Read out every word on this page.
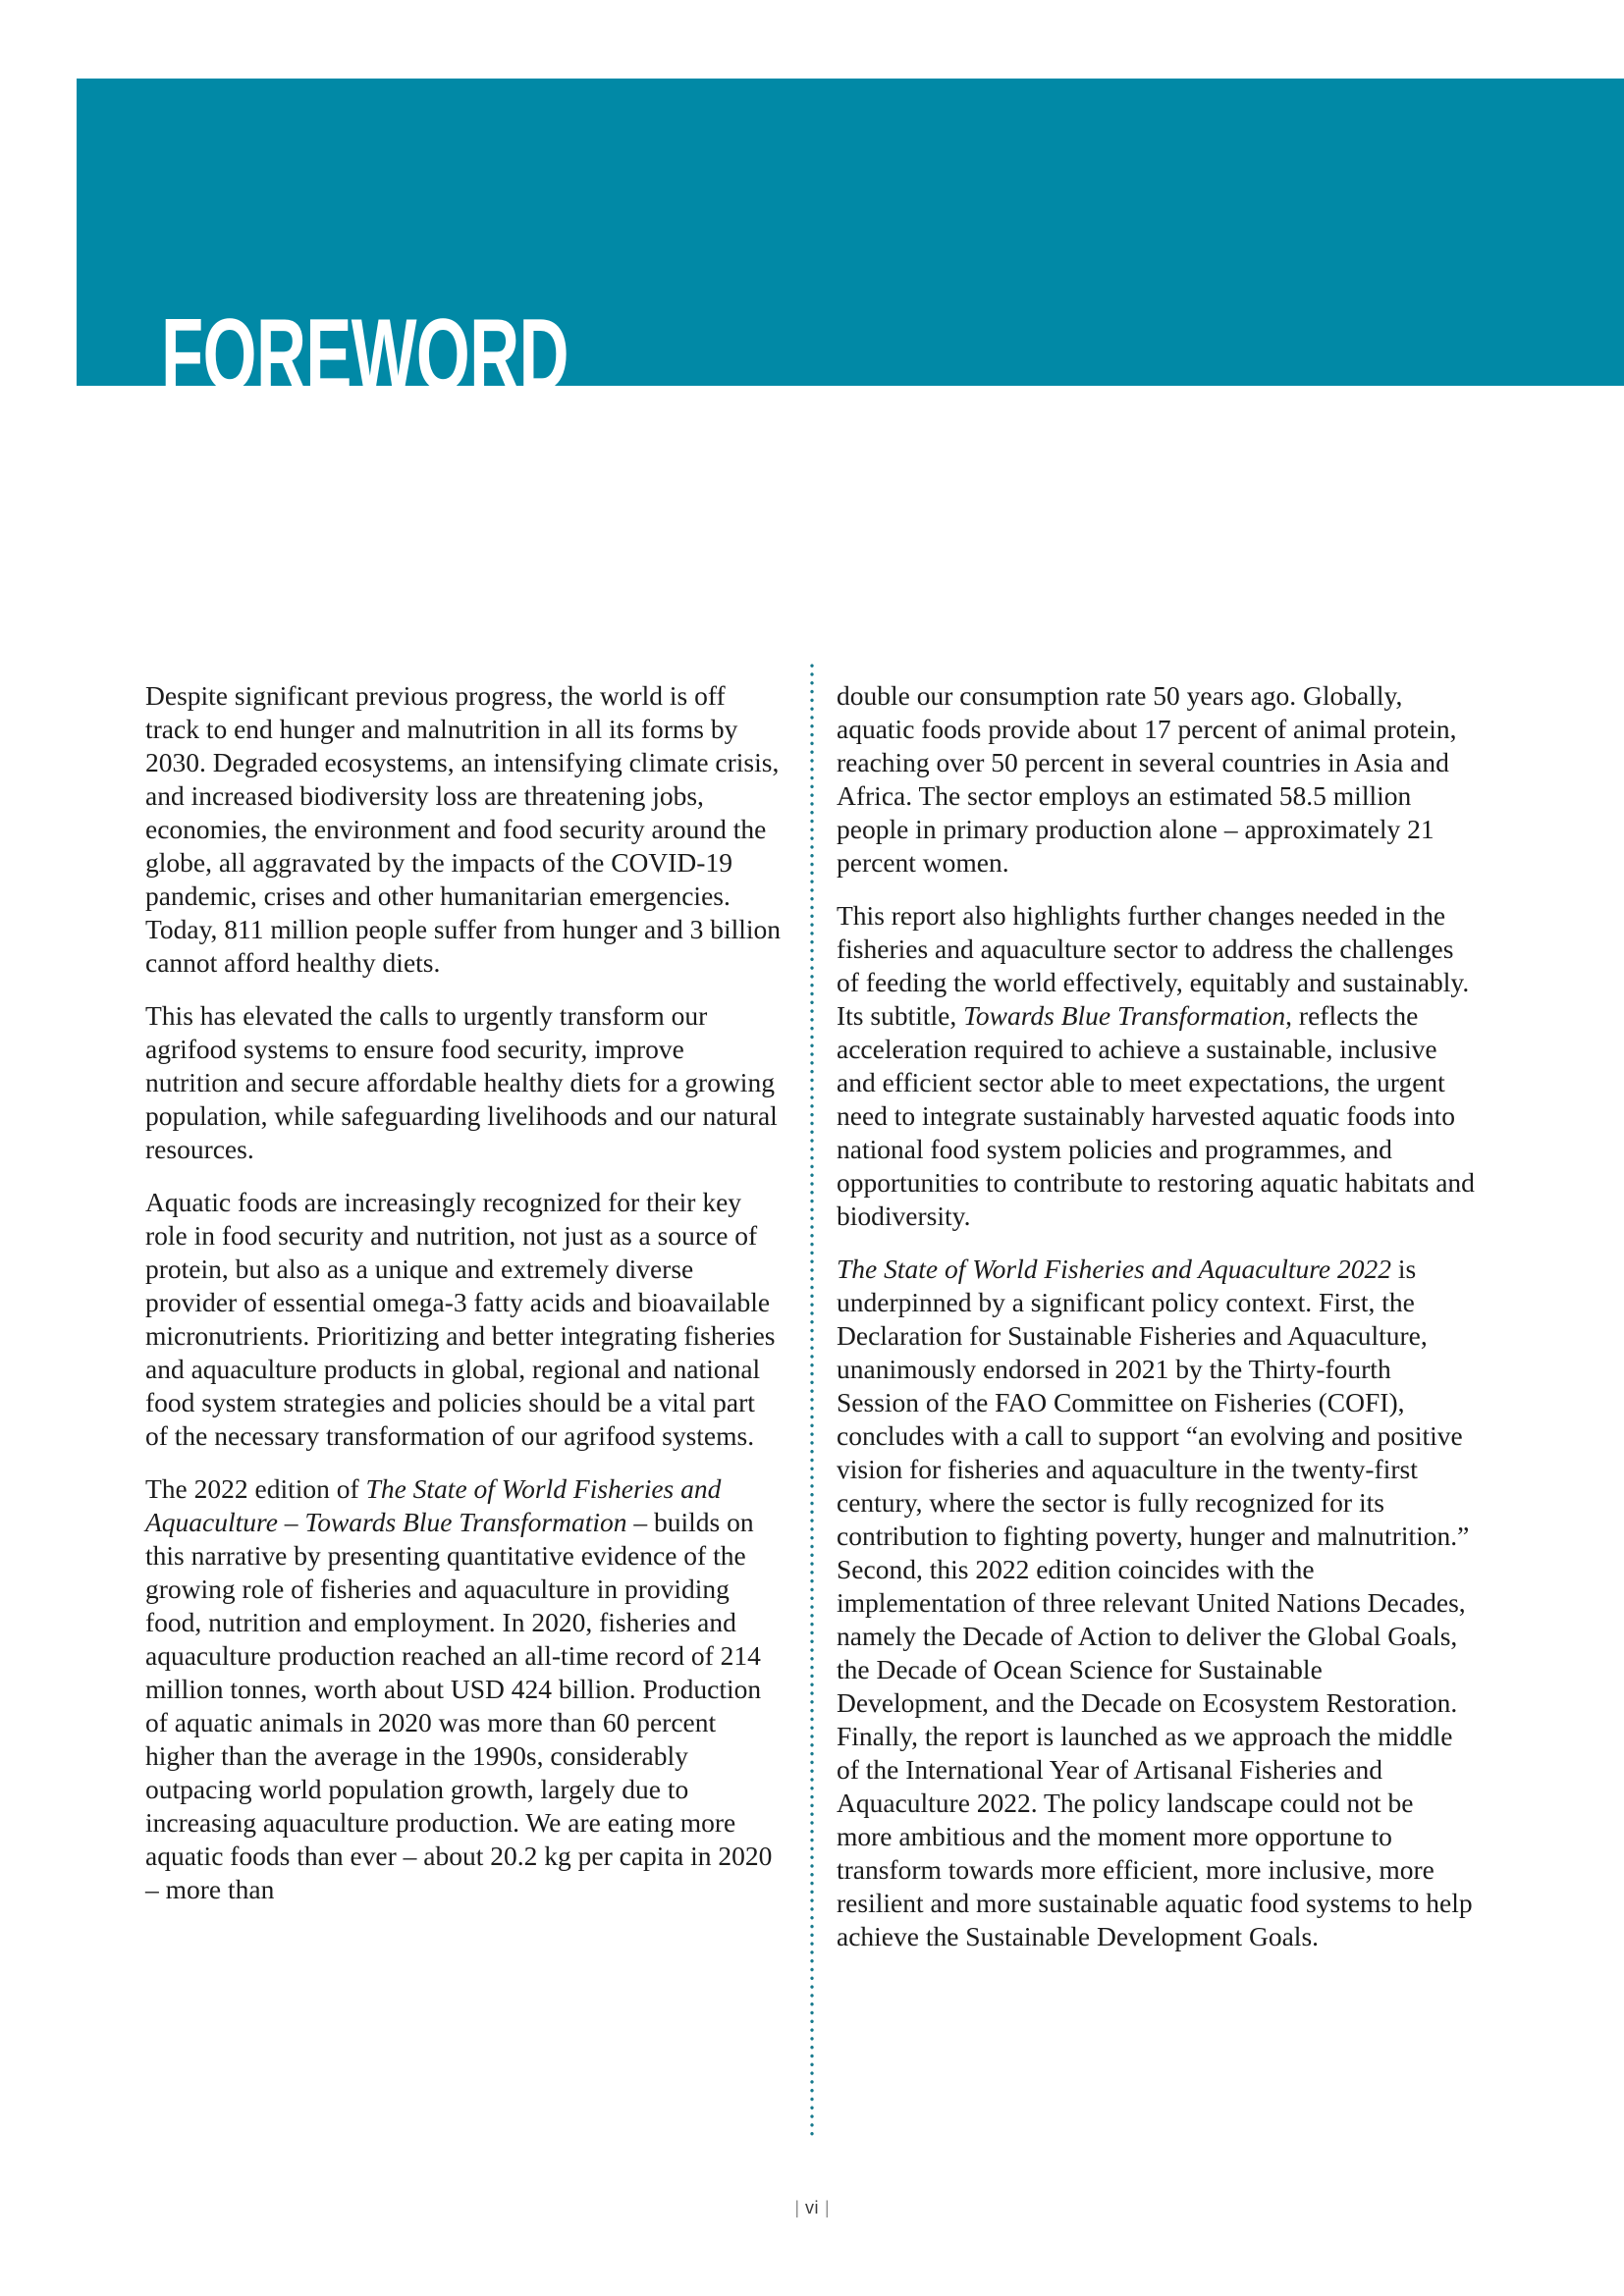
FOREWORD

Despite significant previous progress, the world is off track to end hunger and malnutrition in all its forms by 2030. Degraded ecosystems, an intensifying climate crisis, and increased biodiversity loss are threatening jobs, economies, the environment and food security around the globe, all aggravated by the impacts of the COVID-19 pandemic, crises and other humanitarian emergencies. Today, 811 million people suffer from hunger and 3 billion cannot afford healthy diets.

This has elevated the calls to urgently transform our agrifood systems to ensure food security, improve nutrition and secure affordable healthy diets for a growing population, while safeguarding livelihoods and our natural resources.

Aquatic foods are increasingly recognized for their key role in food security and nutrition, not just as a source of protein, but also as a unique and extremely diverse provider of essential omega-3 fatty acids and bioavailable micronutrients. Prioritizing and better integrating fisheries and aquaculture products in global, regional and national food system strategies and policies should be a vital part of the necessary transformation of our agrifood systems.

The 2022 edition of The State of World Fisheries and Aquaculture – Towards Blue Transformation – builds on this narrative by presenting quantitative evidence of the growing role of fisheries and aquaculture in providing food, nutrition and employment. In 2020, fisheries and aquaculture production reached an all-time record of 214 million tonnes, worth about USD 424 billion. Production of aquatic animals in 2020 was more than 60 percent higher than the average in the 1990s, considerably outpacing world population growth, largely due to increasing aquaculture production. We are eating more aquatic foods than ever – about 20.2 kg per capita in 2020 – more than

double our consumption rate 50 years ago. Globally, aquatic foods provide about 17 percent of animal protein, reaching over 50 percent in several countries in Asia and Africa. The sector employs an estimated 58.5 million people in primary production alone – approximately 21 percent women.

This report also highlights further changes needed in the fisheries and aquaculture sector to address the challenges of feeding the world effectively, equitably and sustainably. Its subtitle, Towards Blue Transformation, reflects the acceleration required to achieve a sustainable, inclusive and efficient sector able to meet expectations, the urgent need to integrate sustainably harvested aquatic foods into national food system policies and programmes, and opportunities to contribute to restoring aquatic habitats and biodiversity.

The State of World Fisheries and Aquaculture 2022 is underpinned by a significant policy context. First, the Declaration for Sustainable Fisheries and Aquaculture, unanimously endorsed in 2021 by the Thirty-fourth Session of the FAO Committee on Fisheries (COFI), concludes with a call to support “an evolving and positive vision for fisheries and aquaculture in the twenty-first century, where the sector is fully recognized for its contribution to fighting poverty, hunger and malnutrition.” Second, this 2022 edition coincides with the implementation of three relevant United Nations Decades, namely the Decade of Action to deliver the Global Goals, the Decade of Ocean Science for Sustainable Development, and the Decade on Ecosystem Restoration. Finally, the report is launched as we approach the middle of the International Year of Artisanal Fisheries and Aquaculture 2022. The policy landscape could not be more ambitious and the moment more opportune to transform towards more efficient, more inclusive, more resilient and more sustainable aquatic food systems to help achieve the Sustainable Development Goals.

| vi |
